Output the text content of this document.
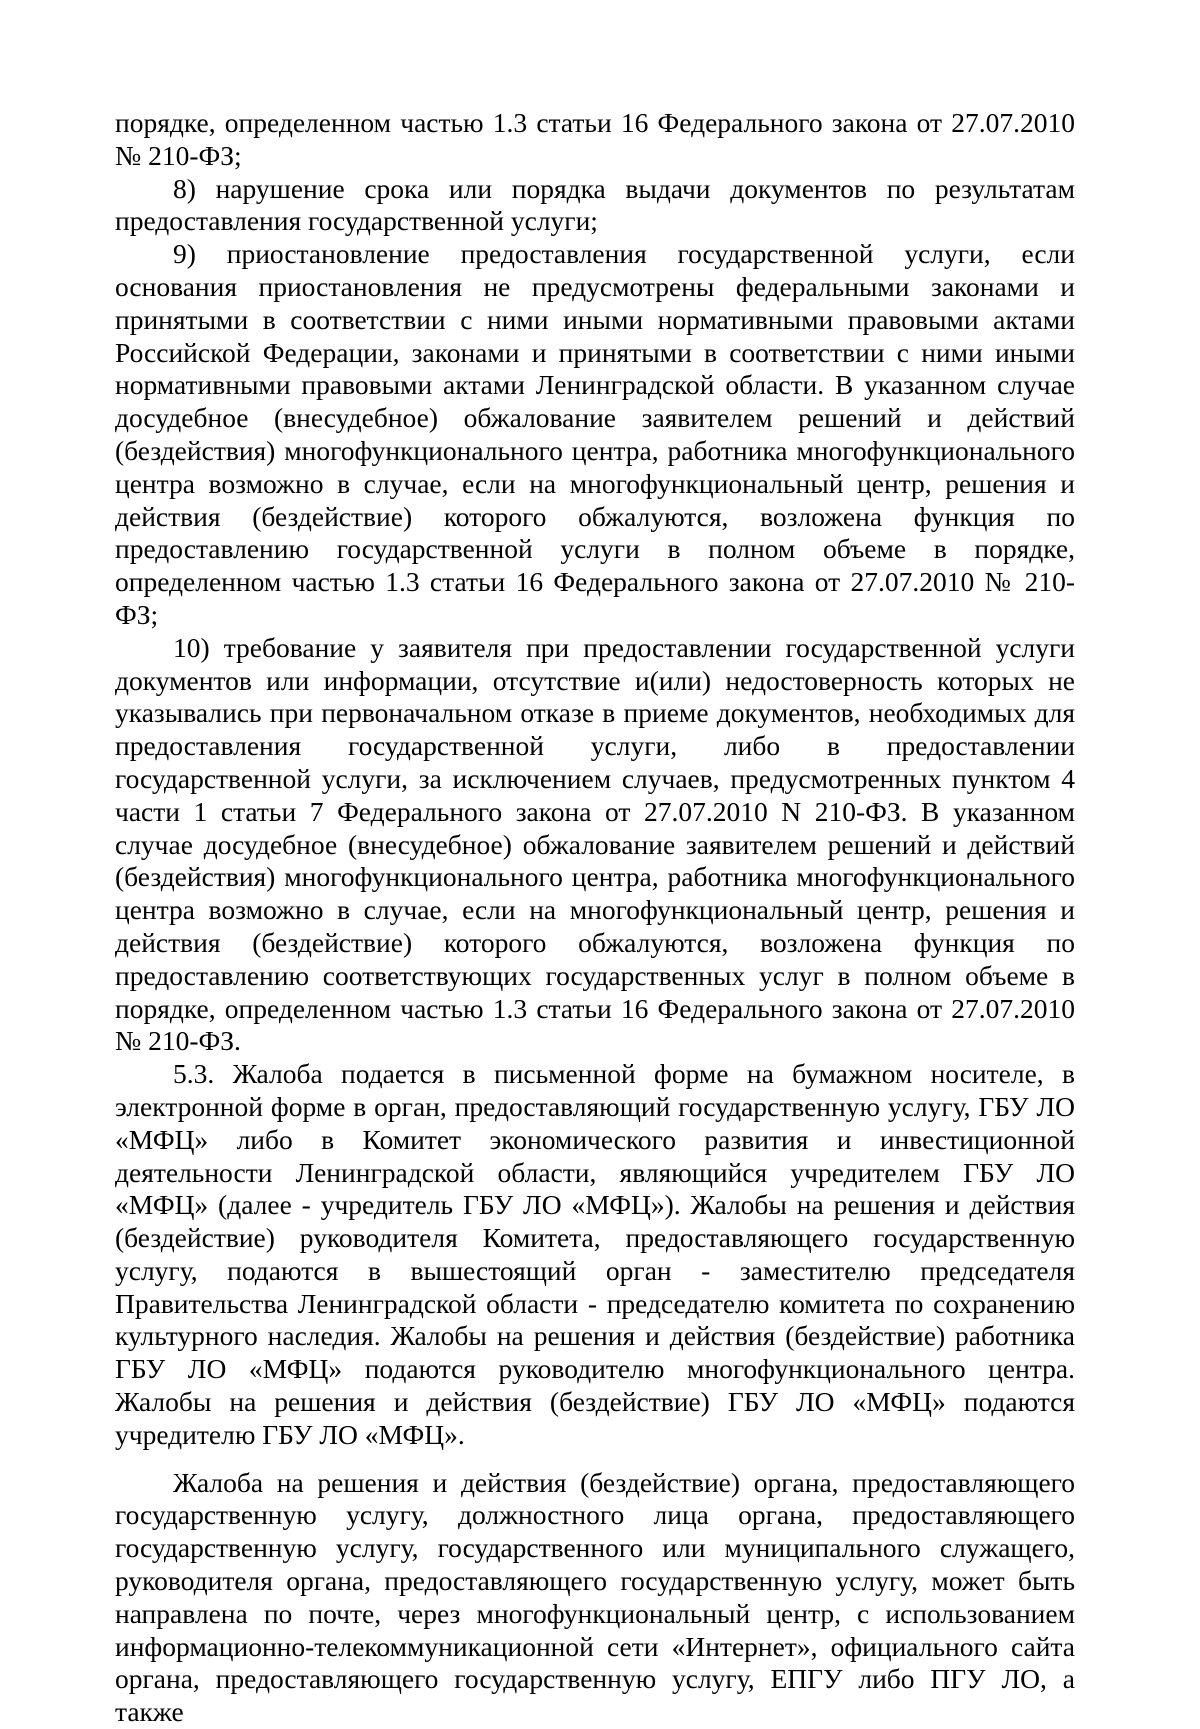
порядке, определенном частью 1.3 статьи 16 Федерального закона от 27.07.2010 № 210-ФЗ;

8) нарушение срока или порядка выдачи документов по результатам предоставления государственной услуги;

9) приостановление предоставления государственной услуги, если основания приостановления не предусмотрены федеральными законами и принятыми в соответствии с ними иными нормативными правовыми актами Российской Федерации, законами и принятыми в соответствии с ними иными нормативными правовыми актами Ленинградской области. В указанном случае досудебное (внесудебное) обжалование заявителем решений и действий (бездействия) многофункционального центра, работника многофункционального центра возможно в случае, если на многофункциональный центр, решения и действия (бездействие) которого обжалуются, возложена функция по предоставлению государственной услуги в полном объеме в порядке, определенном частью 1.3 статьи 16 Федерального закона от 27.07.2010 № 210-ФЗ;

10) требование у заявителя при предоставлении государственной услуги документов или информации, отсутствие и(или) недостоверность которых не указывались при первоначальном отказе в приеме документов, необходимых для предоставления государственной услуги, либо в предоставлении государственной услуги, за исключением случаев, предусмотренных пунктом 4 части 1 статьи 7 Федерального закона от 27.07.2010 N 210-ФЗ. В указанном случае досудебное (внесудебное) обжалование заявителем решений и действий (бездействия) многофункционального центра, работника многофункционального центра возможно в случае, если на многофункциональный центр, решения и действия (бездействие) которого обжалуются, возложена функция по предоставлению соответствующих государственных услуг в полном объеме в порядке, определенном частью 1.3 статьи 16 Федерального закона от 27.07.2010 № 210-ФЗ.

5.3. Жалоба подается в письменной форме на бумажном носителе, в электронной форме в орган, предоставляющий государственную услугу, ГБУ ЛО «МФЦ» либо в Комитет экономического развития и инвестиционной деятельности Ленинградской области, являющийся учредителем ГБУ ЛО «МФЦ» (далее - учредитель ГБУ ЛО «МФЦ»). Жалобы на решения и действия (бездействие) руководителя Комитета, предоставляющего государственную услугу, подаются в вышестоящий орган - заместителю председателя Правительства Ленинградской области - председателю комитета по сохранению культурного наследия. Жалобы на решения и действия (бездействие) работника ГБУ ЛО «МФЦ» подаются руководителю многофункционального центра. Жалобы на решения и действия (бездействие) ГБУ ЛО «МФЦ» подаются учредителю ГБУ ЛО «МФЦ».

Жалоба на решения и действия (бездействие) органа, предоставляющего государственную услугу, должностного лица органа, предоставляющего государственную услугу, государственного или муниципального служащего, руководителя органа, предоставляющего государственную услугу, может быть направлена по почте, через многофункциональный центр, с использованием информационно-телекоммуникационной сети «Интернет», официального сайта органа, предоставляющего государственную услугу, ЕПГУ либо ПГУ ЛО, а также
